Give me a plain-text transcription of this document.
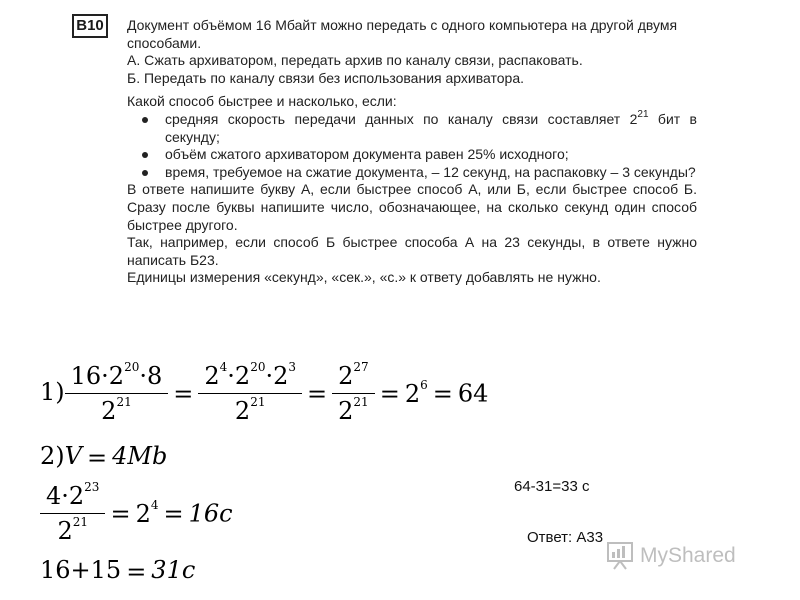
B10	Документ объёмом 16 Мбайт можно передать с одного компьютера на другой двумя способами.

А. Сжать архиватором, передать архив по каналу связи, распаковать.

Б. Передать по каналу связи без использования архиватора.

Какой способ быстрее и насколько, если:

средняя скорость передачи данных по каналу связи составляет $2^{21}$ бит в секунду;
объём сжатого архиватором документа равен 25% исходного;
время, требуемое на сжатие документа, – 12 секунд, на распаковку – 3 секунды?

В ответе напишите букву А, если быстрее способ А, или Б, если быстрее способ Б. Сразу после буквы напишите число, обозначающее, на сколько секунд один способ быстрее другого.

Так, например, если способ Б быстрее способа А на 23 секунды, в ответе нужно написать Б23.

Единицы измерения «секунд», «сек.», «с.» к ответу добавлять не нужно.

$1) \frac{16\cdot 2^{20}\cdot 8}{2^{21}} = \frac{2^4\cdot 2^{20}\cdot 2^3}{2^{21}} = \frac{2^{27}}{2^{21}} = 2^6 = 64$
2)V = 4Mb
$\frac{4\cdot 2^{23}}{2^{21}} = 2^4 = 16c$
16+15 = 31c
64-31=33 с
Ответ: А33
MyShared
